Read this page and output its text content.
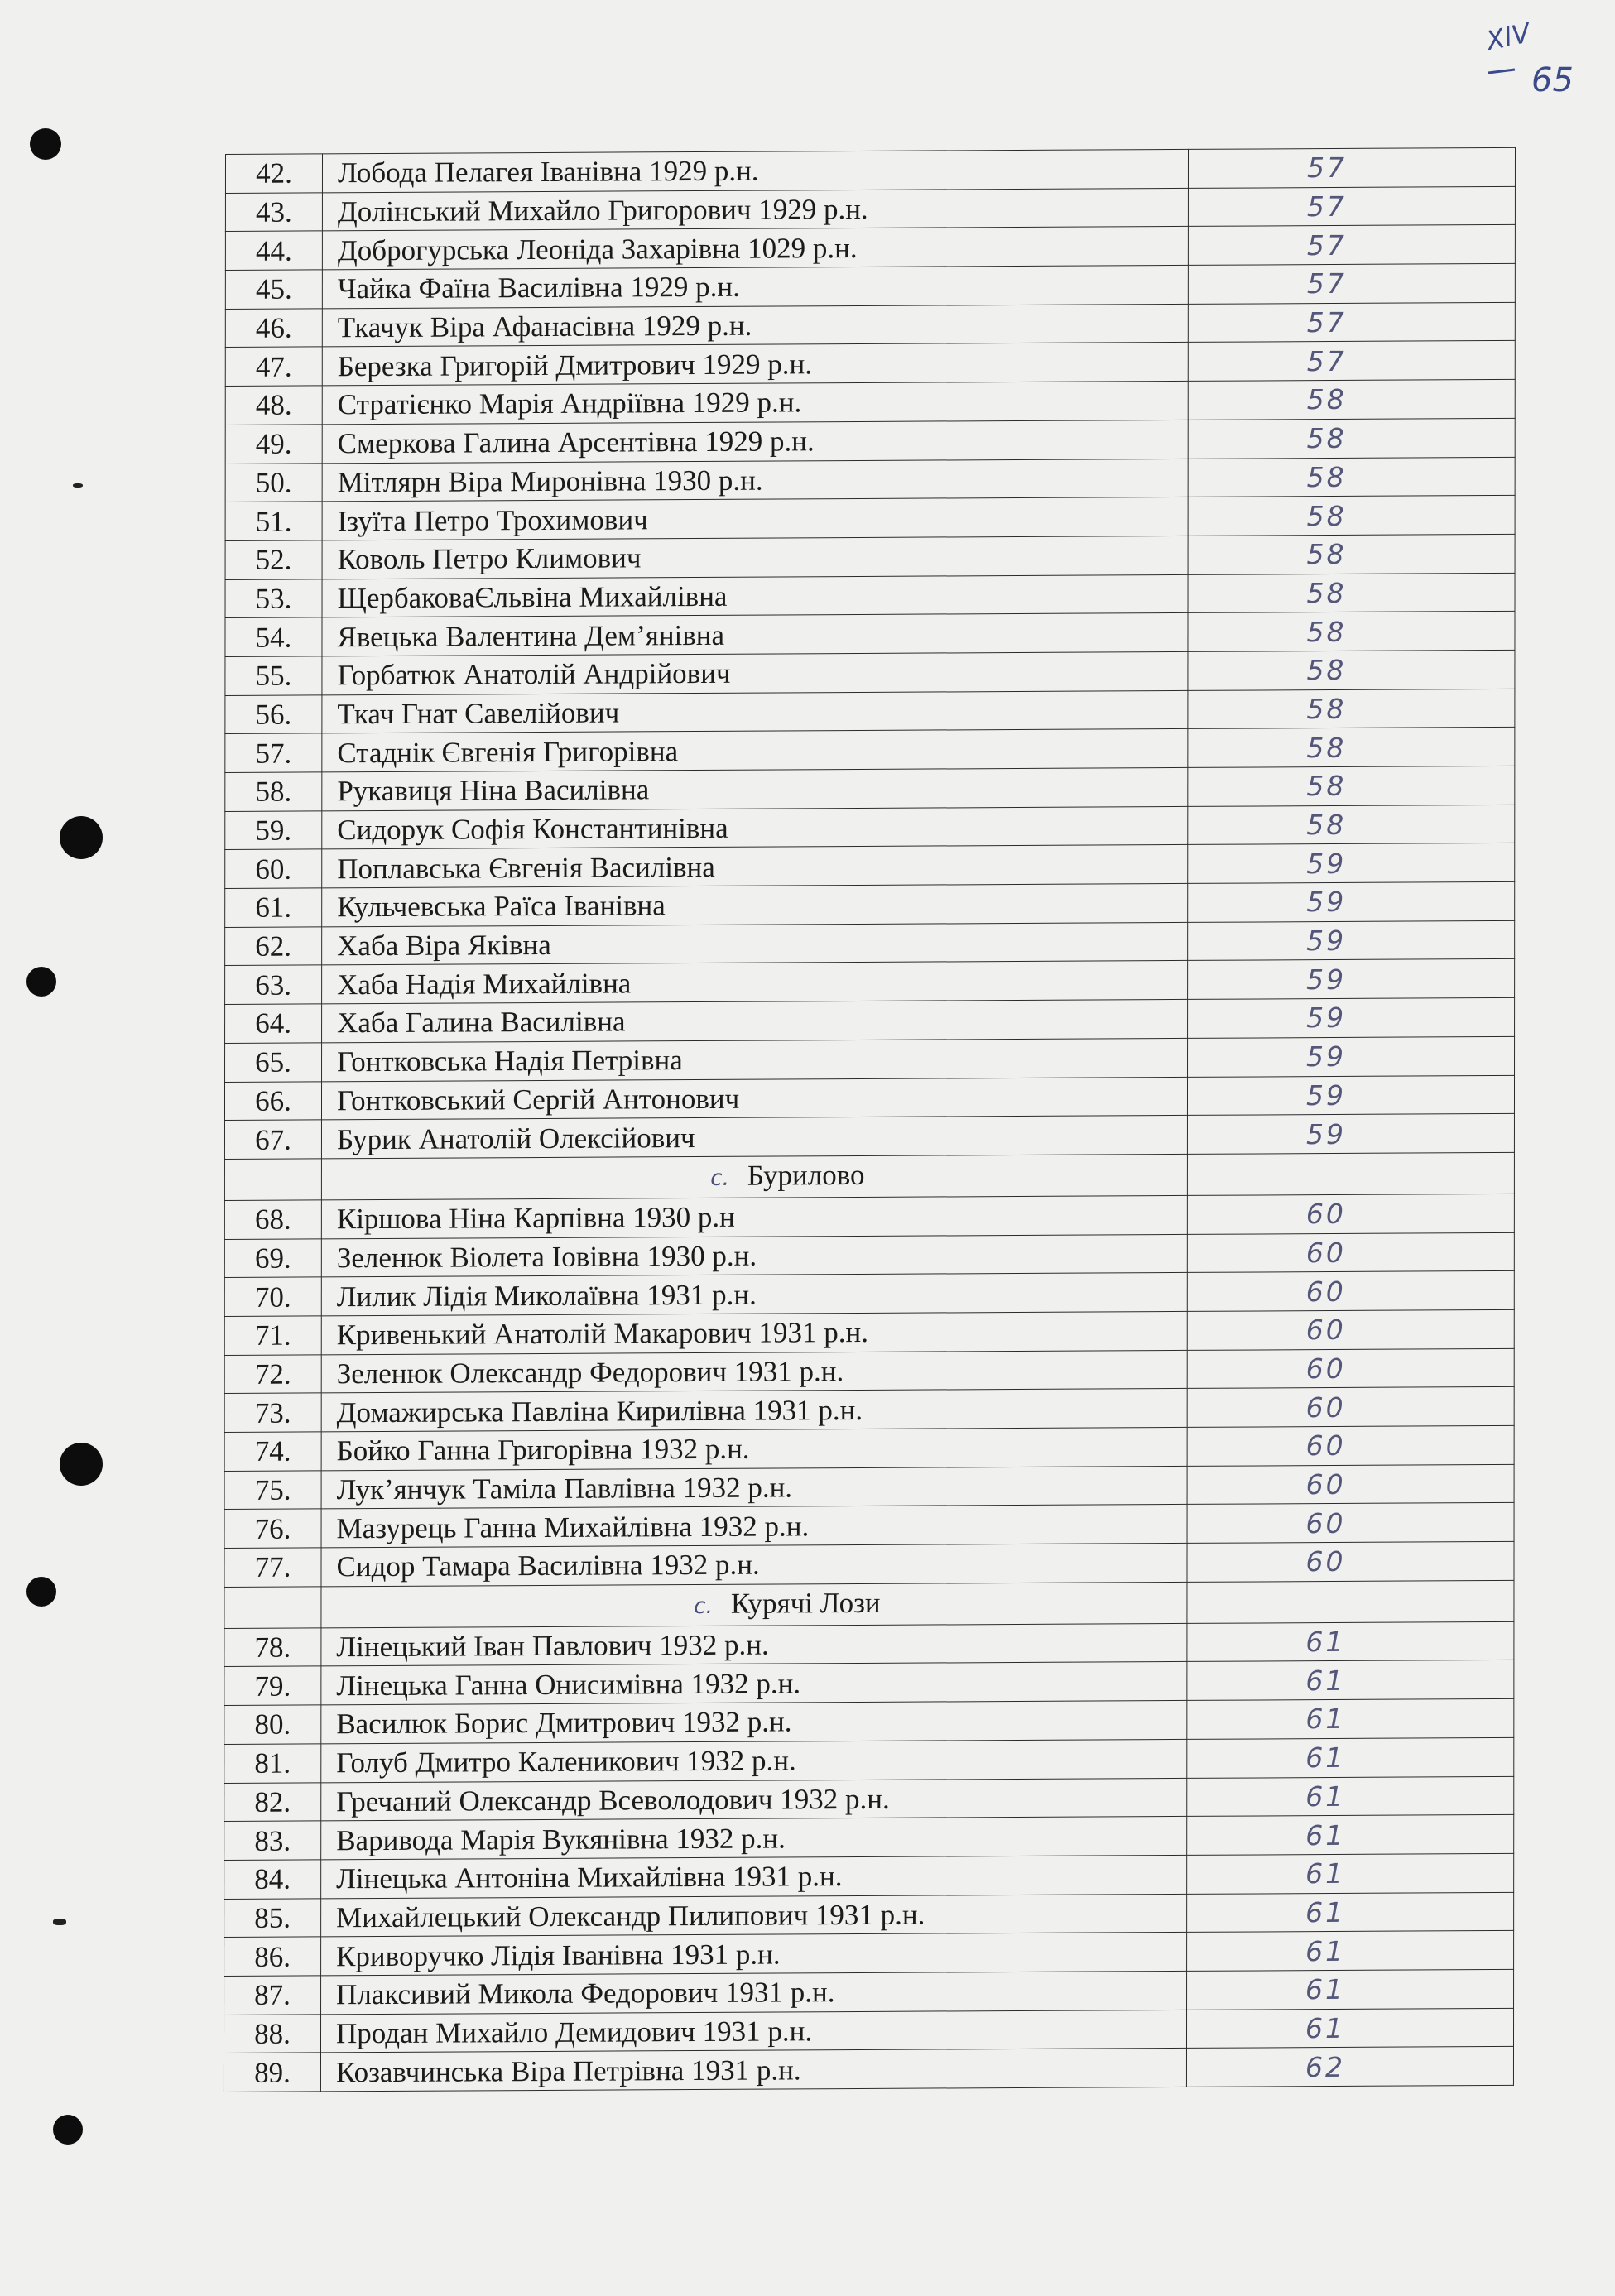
XIV
65
42.	Лобода Пелагея Іванівна 1929 р.н.	57
43.	Долінський Михайло Григорович 1929 р.н.	57
44.	Доброгурська Леоніда Захарівна 1029 р.н.	57
45.	Чайка Фаїна Василівна 1929 р.н.	57
46.	Ткачук Віра Афанасівна 1929 р.н.	57
47.	Березка Григорій Дмитрович 1929 р.н.	57
48.	Стратієнко Марія Андріївна 1929 р.н.	58
49.	Смеркова Галина Арсентівна 1929 р.н.	58
50.	Мітлярн Віра Миронівна 1930 р.н.	58
51.	Ізуїта Петро Трохимович	58
52.	Коволь Петро Климович	58
53.	ЩербаковаЄльвіна Михайлівна	58
54.	Явецька Валентина Дем’янівна	58
55.	Горбатюк Анатолій Андрійович	58
56.	Ткач Гнат Савелійович	58
57.	Стаднік Євгенія Григорівна	58
58.	Рукавиця Ніна Василівна	58
59.	Сидорук Софія Константинівна	58
60.	Поплавська Євгенія Василівна	59
61.	Кульчевська Раїса Іванівна	59
62.	Хаба Віра Яківна	59
63.	Хаба Надія Михайлівна	59
64.	Хаба Галина Василівна	59
65.	Гонтковська Надія Петрівна	59
66.	Гонтковський Сергій Антонович	59
67.	Бурик Анатолій Олексійович	59
	с. Бурилово	
68.	Кіршова Ніна Карпівна 1930 р.н	60
69.	Зеленюк Віолета Іовівна 1930 р.н.	60
70.	Лилик Лідія Миколаївна 1931 р.н.	60
71.	Кривенький Анатолій Макарович 1931 р.н.	60
72.	Зеленюк Олександр Федорович 1931 р.н.	60
73.	Домажирська Павліна Кирилівна 1931 р.н.	60
74.	Бойко Ганна Григорівна 1932 р.н.	60
75.	Лук’янчук Таміла Павлівна 1932 р.н.	60
76.	Мазурець Ганна Михайлівна 1932 р.н.	60
77.	Сидор Тамара Василівна 1932 р.н.	60
	с. Курячі Лози	
78.	Лінецький Іван Павлович 1932 р.н.	61
79.	Лінецька Ганна Онисимівна 1932 р.н.	61
80.	Василюк Борис Дмитрович 1932 р.н.	61
81.	Голуб Дмитро Каленикович 1932 р.н.	61
82.	Гречаний Олександр Всеволодович 1932 р.н.	61
83.	Варивода Марія Вукянівна 1932 р.н.	61
84.	Лінецька Антоніна Михайлівна 1931 р.н.	61
85.	Михайлецький Олександр Пилипович 1931 р.н.	61
86.	Криворучко Лідія Іванівна 1931 р.н.	61
87.	Плаксивий Микола Федорович 1931 р.н.	61
88.	Продан Михайло Демидович 1931 р.н.	61
89.	Козавчинська Віра Петрівна 1931 р.н.	62
